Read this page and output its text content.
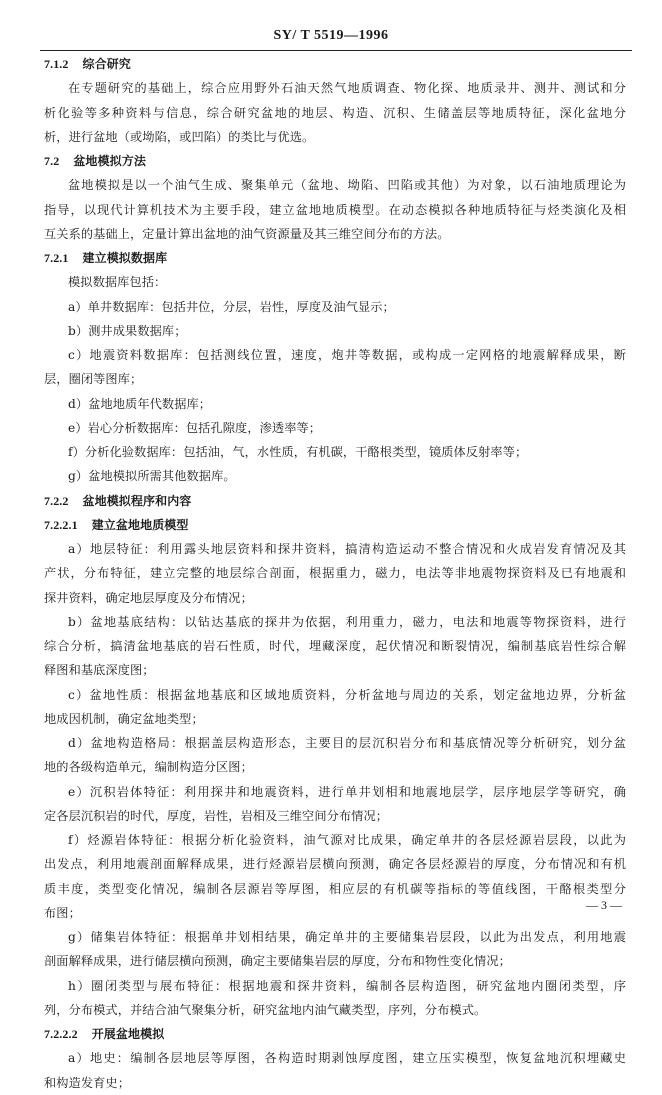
SY/ T 5519—1996
7.1.2 综合研究
在专题研究的基础上，综合应用野外石油天然气地质调查、物化探、地质录井、测井、测试和分
析化验等多种资料与信息，综合研究盆地的地层、构造、沉积、生储盖层等地质特征，深化盆地分
析，进行盆地（或坳陷，或凹陷）的类比与优选。
7.2 盆地模拟方法
盆地模拟是以一个油气生成、聚集单元（盆地、坳陷、凹陷或其他）为对象，以石油地质理论为
指导，以现代计算机技术为主要手段，建立盆地地质模型。在动态模拟各种地质特征与烃类演化及相
互关系的基础上，定量计算出盆地的油气资源量及其三维空间分布的方法。
7.2.1 建立模拟数据库
模拟数据库包括：
a）单井数据库：包括井位，分层，岩性，厚度及油气显示；
b）测井成果数据库；
c）地震资料数据库：包括测线位置，速度，炮井等数据，或构成一定网格的地震解释成果，断
层，圈闭等图库；
d）盆地地质年代数据库；
e）岩心分析数据库：包括孔隙度，渗透率等；
f）分析化验数据库：包括油，气，水性质，有机碳，干酪根类型，镜质体反射率等；
g）盆地模拟所需其他数据库。
7.2.2 盆地模拟程序和内容
7.2.2.1 建立盆地地质模型
a）地层特征：利用露头地层资料和探井资料，搞清构造运动不整合情况和火成岩发育情况及其
产状，分布特征，建立完整的地层综合剖面，根据重力，磁力，电法等非地震物探资料及已有地震和
探井资料，确定地层厚度及分布情况；
b）盆地基底结构：以钻达基底的探井为依据，利用重力，磁力，电法和地震等物探资料，进行
综合分析，搞清盆地基底的岩石性质，时代，埋藏深度，起伏情况和断裂情况，编制基底岩性综合解
释图和基底深度图；
c）盆地性质：根据盆地基底和区域地质资料，分析盆地与周边的关系，划定盆地边界，分析盆
地成因机制，确定盆地类型；
d）盆地构造格局：根据盖层构造形态，主要目的层沉积岩分布和基底情况等分析研究，划分盆
地的各级构造单元，编制构造分区图；
e）沉积岩体特征：利用探井和地震资料，进行单井划相和地震地层学，层序地层学等研究，确
定各层沉积岩的时代，厚度，岩性，岩相及三维空间分布情况；
f）烃源岩体特征：根据分析化验资料，油气源对比成果，确定单井的各层烃源岩层段，以此为
出发点，利用地震剖面解释成果，进行烃源岩层横向预测，确定各层烃源岩的厚度，分布情况和有机
质丰度，类型变化情况，编制各层源岩等厚图，相应层的有机碳等指标的等值线图，干酪根类型分
布图；
g）储集岩体特征：根据单井划相结果，确定单井的主要储集岩层段，以此为出发点，利用地震
剖面解释成果，进行储层横向预测，确定主要储集岩层的厚度，分布和物性变化情况；
h）圈闭类型与展布特征：根据地震和探井资料，编制各层构造图，研究盆地内圈闭类型，序
列，分布模式，并结合油气聚集分析，研究盆地内油气藏类型，序列，分布模式。
7.2.2.2 开展盆地模拟
a）地史：编制各层地层等厚图，各构造时期剥蚀厚度图，建立压实模型，恢复盆地沉积埋藏史
和构造发育史；
— 3 —
